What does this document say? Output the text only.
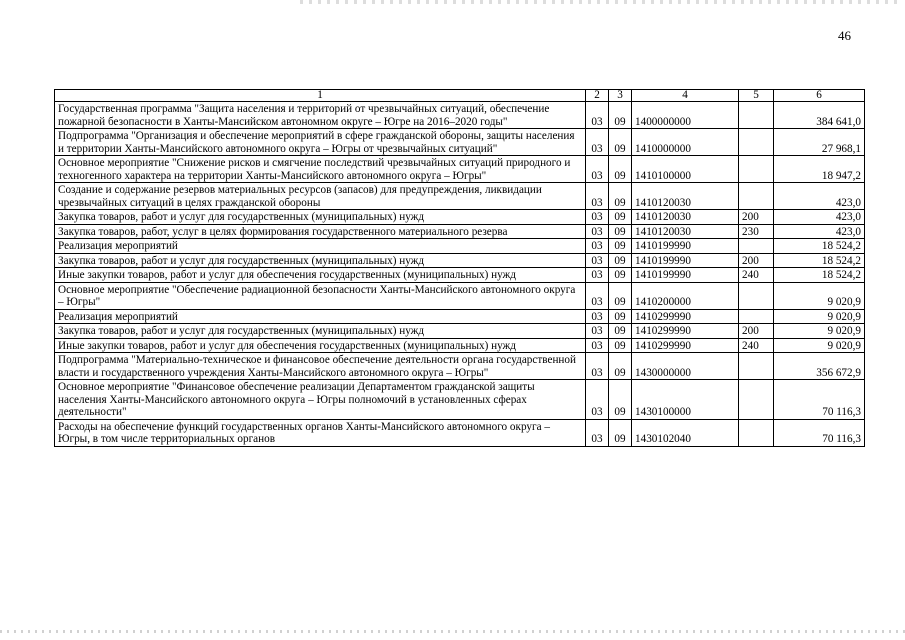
46
1	2	3	4	5	6
Государственная программа "Защита населения и территорий от чрезвычайных ситуаций, обеспечение пожарной безопасности в Ханты-Мансийском автономном округе – Югре на 2016–2020 годы"	03	09	1400000000		384 641,0
Подпрограмма "Организация и обеспечение мероприятий в сфере гражданской обороны, защиты населения и территории Ханты-Мансийского автономного округа – Югры от чрезвычайных ситуаций"	03	09	1410000000		27 968,1
Основное мероприятие "Снижение рисков и смягчение последствий чрезвычайных ситуаций природного и техногенного характера на территории Ханты-Мансийского автономного округа – Югры"	03	09	1410100000		18 947,2
Создание и содержание резервов материальных ресурсов (запасов) для предупреждения, ликвидации чрезвычайных ситуаций в целях гражданской обороны	03	09	1410120030		423,0
Закупка товаров, работ и услуг для государственных (муниципальных) нужд	03	09	1410120030	200	423,0
Закупка товаров, работ, услуг в целях формирования государственного материального резерва	03	09	1410120030	230	423,0
Реализация мероприятий	03	09	1410199990		18 524,2
Закупка товаров, работ и услуг для государственных (муниципальных) нужд	03	09	1410199990	200	18 524,2
Иные закупки товаров, работ и услуг для обеспечения государственных (муниципальных) нужд	03	09	1410199990	240	18 524,2
Основное мероприятие "Обеспечение радиационной безопасности Ханты-Мансийского автономного округа – Югры"	03	09	1410200000		9 020,9
Реализация мероприятий	03	09	1410299990		9 020,9
Закупка товаров, работ и услуг для государственных (муниципальных) нужд	03	09	1410299990	200	9 020,9
Иные закупки товаров, работ и услуг для обеспечения государственных (муниципальных) нужд	03	09	1410299990	240	9 020,9
Подпрограмма "Материально-техническое и финансовое обеспечение деятельности органа государственной власти и государственного учреждения Ханты-Мансийского автономного округа – Югры"	03	09	1430000000		356 672,9
Основное мероприятие "Финансовое обеспечение реализации Департаментом гражданской защиты населения Ханты-Мансийского автономного округа – Югры полномочий в установленных сферах деятельности"	03	09	1430100000		70 116,3
Расходы на обеспечение функций государственных органов Ханты-Мансийского автономного округа – Югры, в том числе территориальных органов	03	09	1430102040		70 116,3
